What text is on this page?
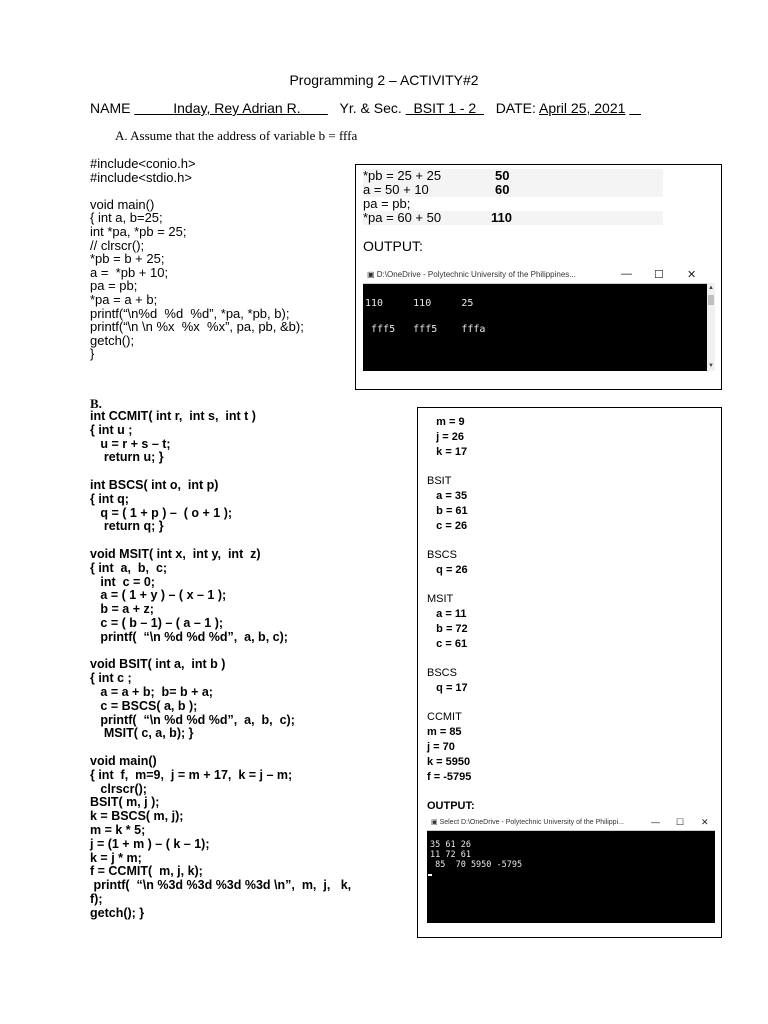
Programming 2 – ACTIVITY#2
NAME	Inday, Rey Adrian R.	Yr. & Sec. BSIT 1 - 2 DATE: April 25, 2021
A. Assume that the address of variable b = fffa
#include<conio.h>
#include<stdio.h>

void main()
{ int a, b=25;
int *pa, *pb = 25;
// clrscr();
*pb = b + 25;
a =  *pb + 10;
pa = pb;
*pa = a + b;
printf(“\n%d  %d  %d”, *pa, *pb, b);
printf(“\n \n %x  %x  %x”, pa, pb, &b);
getch();
}
*pb = 25 + 25	50
a = 50 + 10	60
pa = pb;
*pa = 60 + 50	110
OUTPUT:
▣ D:\OneDrive - Polytechnic University of the Philippines...	— ☐ ✕
110     110     25

fff5   fff5    fffa
▲
▼
B.
int CCMIT( int r,  int s,  int t )
{ int u ;
u = r + s – t;
return u; }

int BSCS( int o,  int p)
{ int q;
q = ( 1 + p ) –  ( o + 1 );
return q; }

void MSIT( int x,  int y,  int  z)
{ int  a,  b,  c;
int  c = 0;
a = ( 1 + y ) – ( x – 1 );
b = a + z;
c = ( b – 1) – ( a – 1 );
printf(  “\n %d %d %d”,  a, b, c);

void BSIT( int a,  int b )
{ int c ;
a = a + b;  b= b + a;
c = BSCS( a, b );
printf(  “\n %d %d %d”,  a,  b,  c);
MSIT( c, a, b); }

void main()
{ int  f,  m=9,  j = m + 17,  k = j – m;
clrscr();
BSIT( m, j );
k = BSCS( m, j);
m = k * 5;
j = (1 + m ) – ( k – 1);
k = j * m;
f = CCMIT(  m, j, k);
printf(  “\n %3d %3d %3d %3d \n”,  m,  j,   k,
f);
getch(); }
m = 9
j = 26
k = 17
BSIT
a = 35
b = 61
c = 26
BSCS
q = 26
MSIT
a = 11
b = 72
c = 61
BSCS
q = 17
CCMIT
m = 85
j = 70
k = 5950
f = -5795
OUTPUT:
▣ Select D:\OneDrive - Polytechnic University of the Philippi...	— ☐ ✕
35 61 26
11 72 61
85  70 5950 -5795
